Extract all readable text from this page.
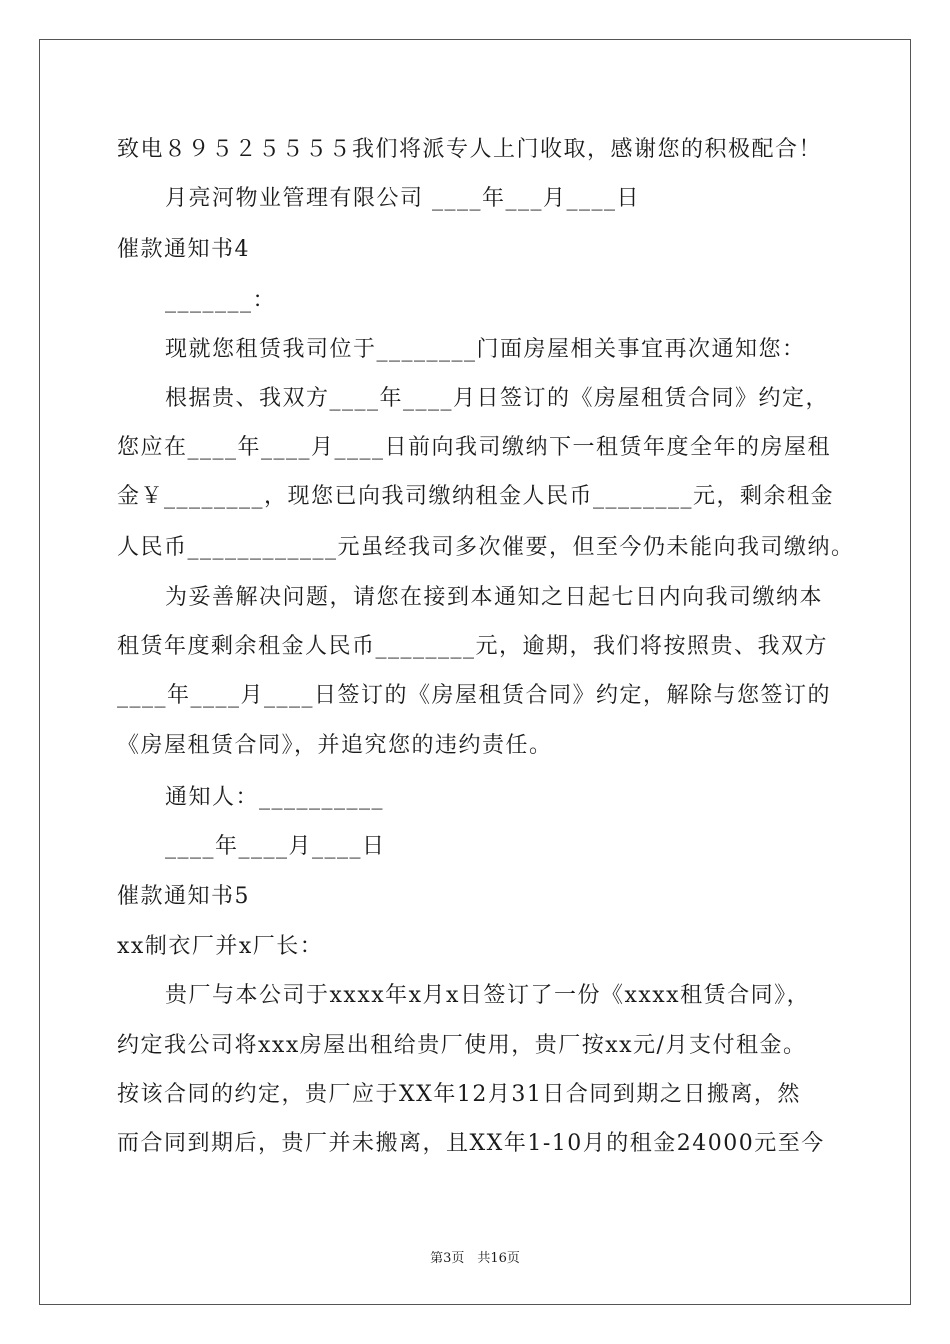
致电８９５２５５５５我们将派专人上门收取，感谢您的积极配合！
月亮河物业管理有限公司 ____年___月____日
催款通知书4
_______：
现就您租赁我司位于________门面房屋相关事宜再次通知您：
根据贵、我双方____年____月日签订的《房屋租赁合同》约定，
您应在____年____月____日前向我司缴纳下一租赁年度全年的房屋租
金￥________，现您已向我司缴纳租金人民币________元，剩余租金
人民币____________元虽经我司多次催要，但至今仍未能向我司缴纳。
为妥善解决问题，请您在接到本通知之日起七日内向我司缴纳本
租赁年度剩余租金人民币________元，逾期，我们将按照贵、我双方
____年____月____日签订的《房屋租赁合同》约定，解除与您签订的
《房屋租赁合同》，并追究您的违约责任。
通知人：__________
____年____月____日
催款通知书5
xx制衣厂并x厂长：
贵厂与本公司于xxxx年x月x日签订了一份《xxxx租赁合同》，
约定我公司将xxx房屋出租给贵厂使用，贵厂按xx元/月支付租金。
按该合同的约定，贵厂应于XX年12月31日合同到期之日搬离，然
而合同到期后，贵厂并未搬离，且XX年1-10月的租金24000元至今
第3页　共16页
